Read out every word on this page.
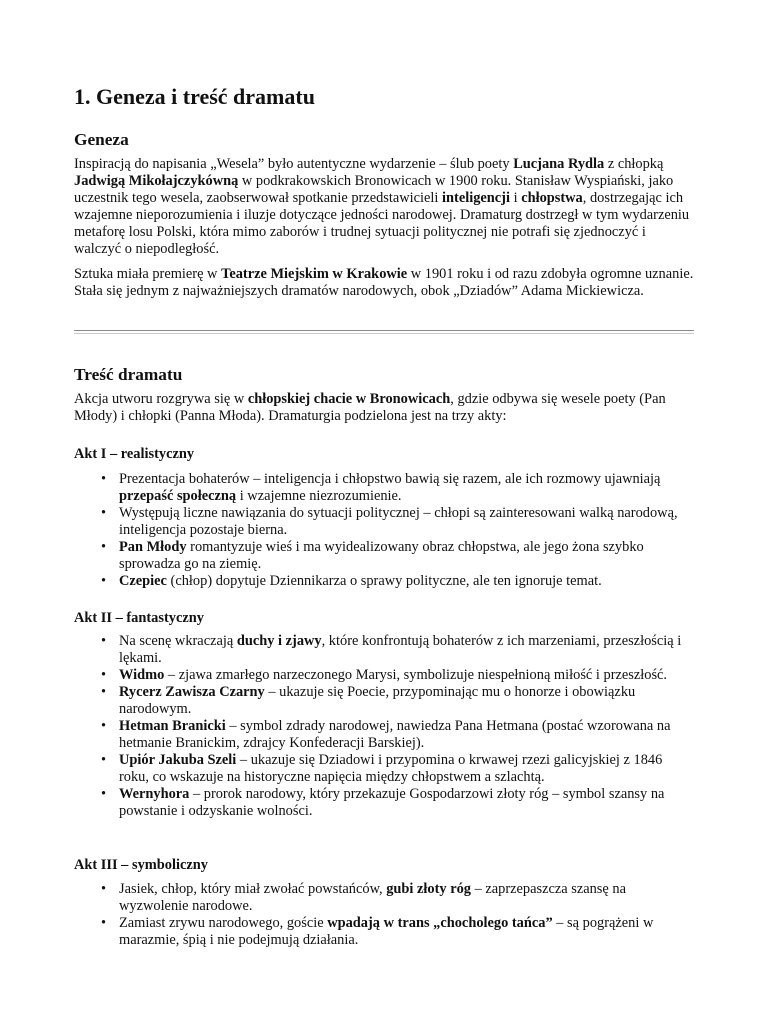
1. Geneza i treść dramatu
Geneza

Inspiracją do napisania „Wesela” było autentyczne wydarzenie – ślub poety Lucjana Rydla z chłopką Jadwigą Mikołajczykówną w podkrakowskich Bronowicach w 1900 roku. Stanisław Wyspiański, jako uczestnik tego wesela, zaobserwował spotkanie przedstawicieli inteligencji i chłopstwa, dostrzegając ich wzajemne nieporozumienia i iluzje dotyczące jedności narodowej. Dramaturg dostrzegł w tym wydarzeniu metaforę losu Polski, która mimo zaborów i trudnej sytuacji politycznej nie potrafi się zjednoczyć i walczyć o niepodległość.

Sztuka miała premierę w Teatrze Miejskim w Krakowie w 1901 roku i od razu zdobyła ogromne uznanie. Stała się jednym z najważniejszych dramatów narodowych, obok „Dziadów” Adama Mickiewicza.

Treść dramatu

Akcja utworu rozgrywa się w chłopskiej chacie w Bronowicach, gdzie odbywa się wesele poety (Pan Młody) i chłopki (Panna Młoda). Dramaturgia podzielona jest na trzy akty:

Akt I – realistyczny
• Prezentacja bohaterów – inteligencja i chłopstwo bawią się razem, ale ich rozmowy ujawniają przepaść społeczną i wzajemne niezrozumienie.
• Występują liczne nawiązania do sytuacji politycznej – chłopi są zainteresowani walką narodową, inteligencja pozostaje bierna.
• Pan Młody romantyzuje wieś i ma wyidealizowany obraz chłopstwa, ale jego żona szybko sprowadza go na ziemię.
• Czepiec (chłop) dopytuje Dziennikarza o sprawy polityczne, ale ten ignoruje temat.
Akt II – fantastyczny
• Na scenę wkraczają duchy i zjawy, które konfrontują bohaterów z ich marzeniami, przeszłością i lękami.
• Widmo – zjawa zmarłego narzeczonego Marysi, symbolizuje niespełnioną miłość i przeszłość.
• Rycerz Zawisza Czarny – ukazuje się Poecie, przypominając mu o honorze i obowiązku narodowym.
• Hetman Branicki – symbol zdrady narodowej, nawiedza Pana Hetmana (postać wzorowana na hetmanie Branickim, zdrajcy Konfederacji Barskiej).
• Upiór Jakuba Szeli – ukazuje się Dziadowi i przypomina o krwawej rzezi galicyjskiej z 1846 roku, co wskazuje na historyczne napięcia między chłopstwem a szlachtą.
• Wernyhora – prorok narodowy, który przekazuje Gospodarzowi złoty róg – symbol szansy na powstanie i odzyskanie wolności.
Akt III – symboliczny
• Jasiek, chłop, który miał zwołać powstańców, gubi złoty róg – zaprzepaszcza szansę na wyzwolenie narodowe.
• Zamiast zrywu narodowego, goście wpadają w trans „chocholego tańca” – są pogrążeni w marazmie, śpią i nie podejmują działania.
